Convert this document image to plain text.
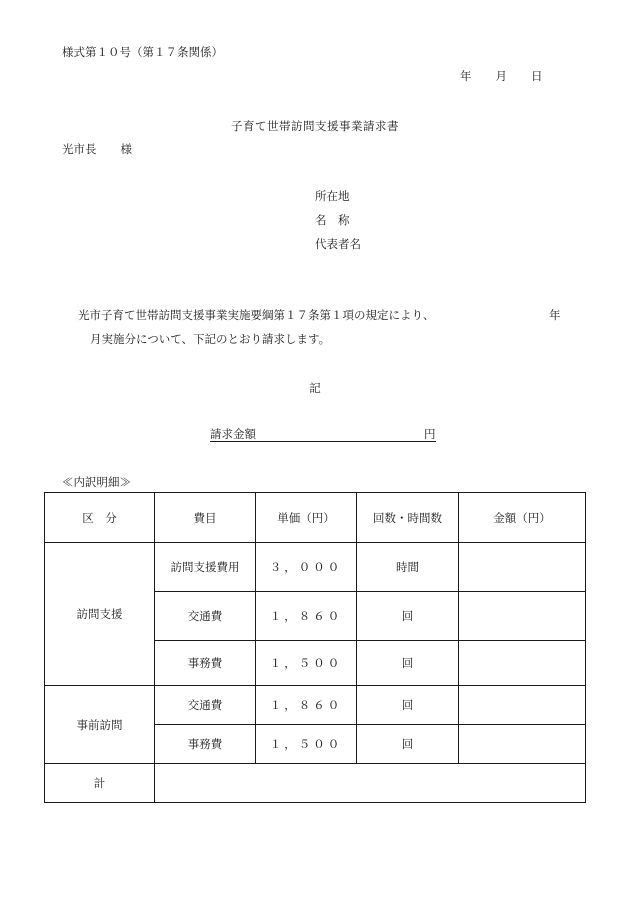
様式第１０号（第１７条関係）
年 月 日
子育て世帯訪問支援事業請求書
光市長 様
所在地
名　称
代表者名
光市子育て世帯訪問支援事業実施要綱第１７条第１項の規定により、	年
月実施分について、下記のとおり請求します。
記
請求金額	円
≪内訳明細≫
区　分	費目	単価（円）	回数・時間数	金額（円）
訪問支援	訪問支援費用	３，０００	時間	
	交通費	１，８６０	回	
	事務費	１，５００	回	
事前訪問	交通費	１，８６０	回	
	事務費	１，５００	回	
計				
